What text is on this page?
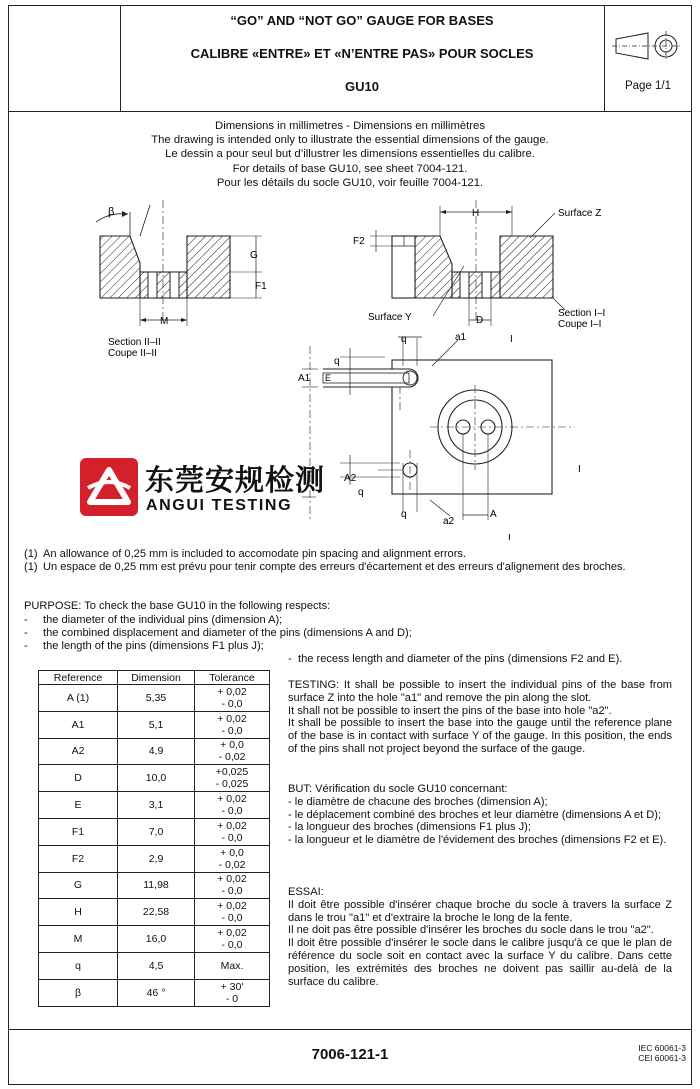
“GO” AND “NOT GO” GAUGE FOR BASES
CALIBRE «ENTRE» ET «N’ENTRE PAS» POUR SOCLES
GU10	Page 1/1
Dimensions in millimetres - Dimensions en millimètres
The drawing is intended only to illustrate the essential dimensions of the gauge.
Le dessin a pour seul but d’illustrer les dimensions essentielles du calibre.
For details of base GU10, see sheet 7004-121.
Pour les détails du socle GU10, voir feuille 7004-121.
β
G
F1
M
Section II–II
Coupe II–II
H	Surface Z
F2
Surface Y	D
Section I–I
Coupe I–I
q	a1	I
q
A1 E
I
A2
q
q	A
a2
I
东莞安规检测
ANGUI TESTING
(1) An allowance of 0,25 mm is included to accomodate pin spacing and alignment errors.
(1) Un espace de 0,25 mm est prévu pour tenir compte des erreurs d'écartement et des erreurs d'alignement des broches.
PURPOSE: To check the base GU10 in the following respects:
- the diameter of the individual pins (dimension A);
- the combined displacement and diameter of the pins (dimensions A and D);
- the length of the pins (dimensions F1 plus J);
- the recess length and diameter of the pins (dimensions F2 and E).
Reference	Dimension	Tolerance
A (1)	5,35	+ 0,02
- 0,0

A1	5,1	+ 0,02
- 0,0

A2	4,9	+ 0,0
- 0,02

D	10,0	+0,025
- 0,025

E	3,1	+ 0,02
- 0,0

F1	7,0	+ 0,02
- 0,0

F2	2,9	+ 0,0
- 0,02

G	11,98	+ 0,02
- 0,0

H	22,58	+ 0,02
- 0,0

M	16,0	+ 0,02
- 0,0

q	4,5	Max.

β	46 °	+ 30'
- 0

TESTING: It shall be possible to insert the individual pins of the base from surface Z into the hole "a1" and remove the pin along the slot.

It shall not be possible to insert the pins of the base into hole "a2".

It shall be possible to insert the base into the gauge until the reference plane of the base is in contact with surface Y of the gauge. In this position, the ends of the pins shall not project beyond the surface of the gauge.

BUT: Vérification du socle GU10 concernant:

- le diamètre de chacune des broches (dimension A);

- le déplacement combiné des broches et leur diamètre (dimensions A et D);

- la longueur des broches (dimensions F1 plus J);

- la longueur et le diamètre de l'évidement des broches (dimensions F2 et E).

ESSAI:

Il doit être possible d'insérer chaque broche du socle à travers la surface Z dans le trou "a1" et d'extraire la broche le long de la fente.

Il ne doit pas être possible d'insérer les broches du socle dans le trou "a2".

Il doit être possible d'insérer le socle dans le calibre jusqu'à ce que le plan de référence du socle soit en contact avec la surface Y du calibre. Dans cette position, les extrémités des broches ne doivent pas saillir au-delà de la surface du calibre.

7006-121-1	IEC 60061-3
CEI 60061-3
